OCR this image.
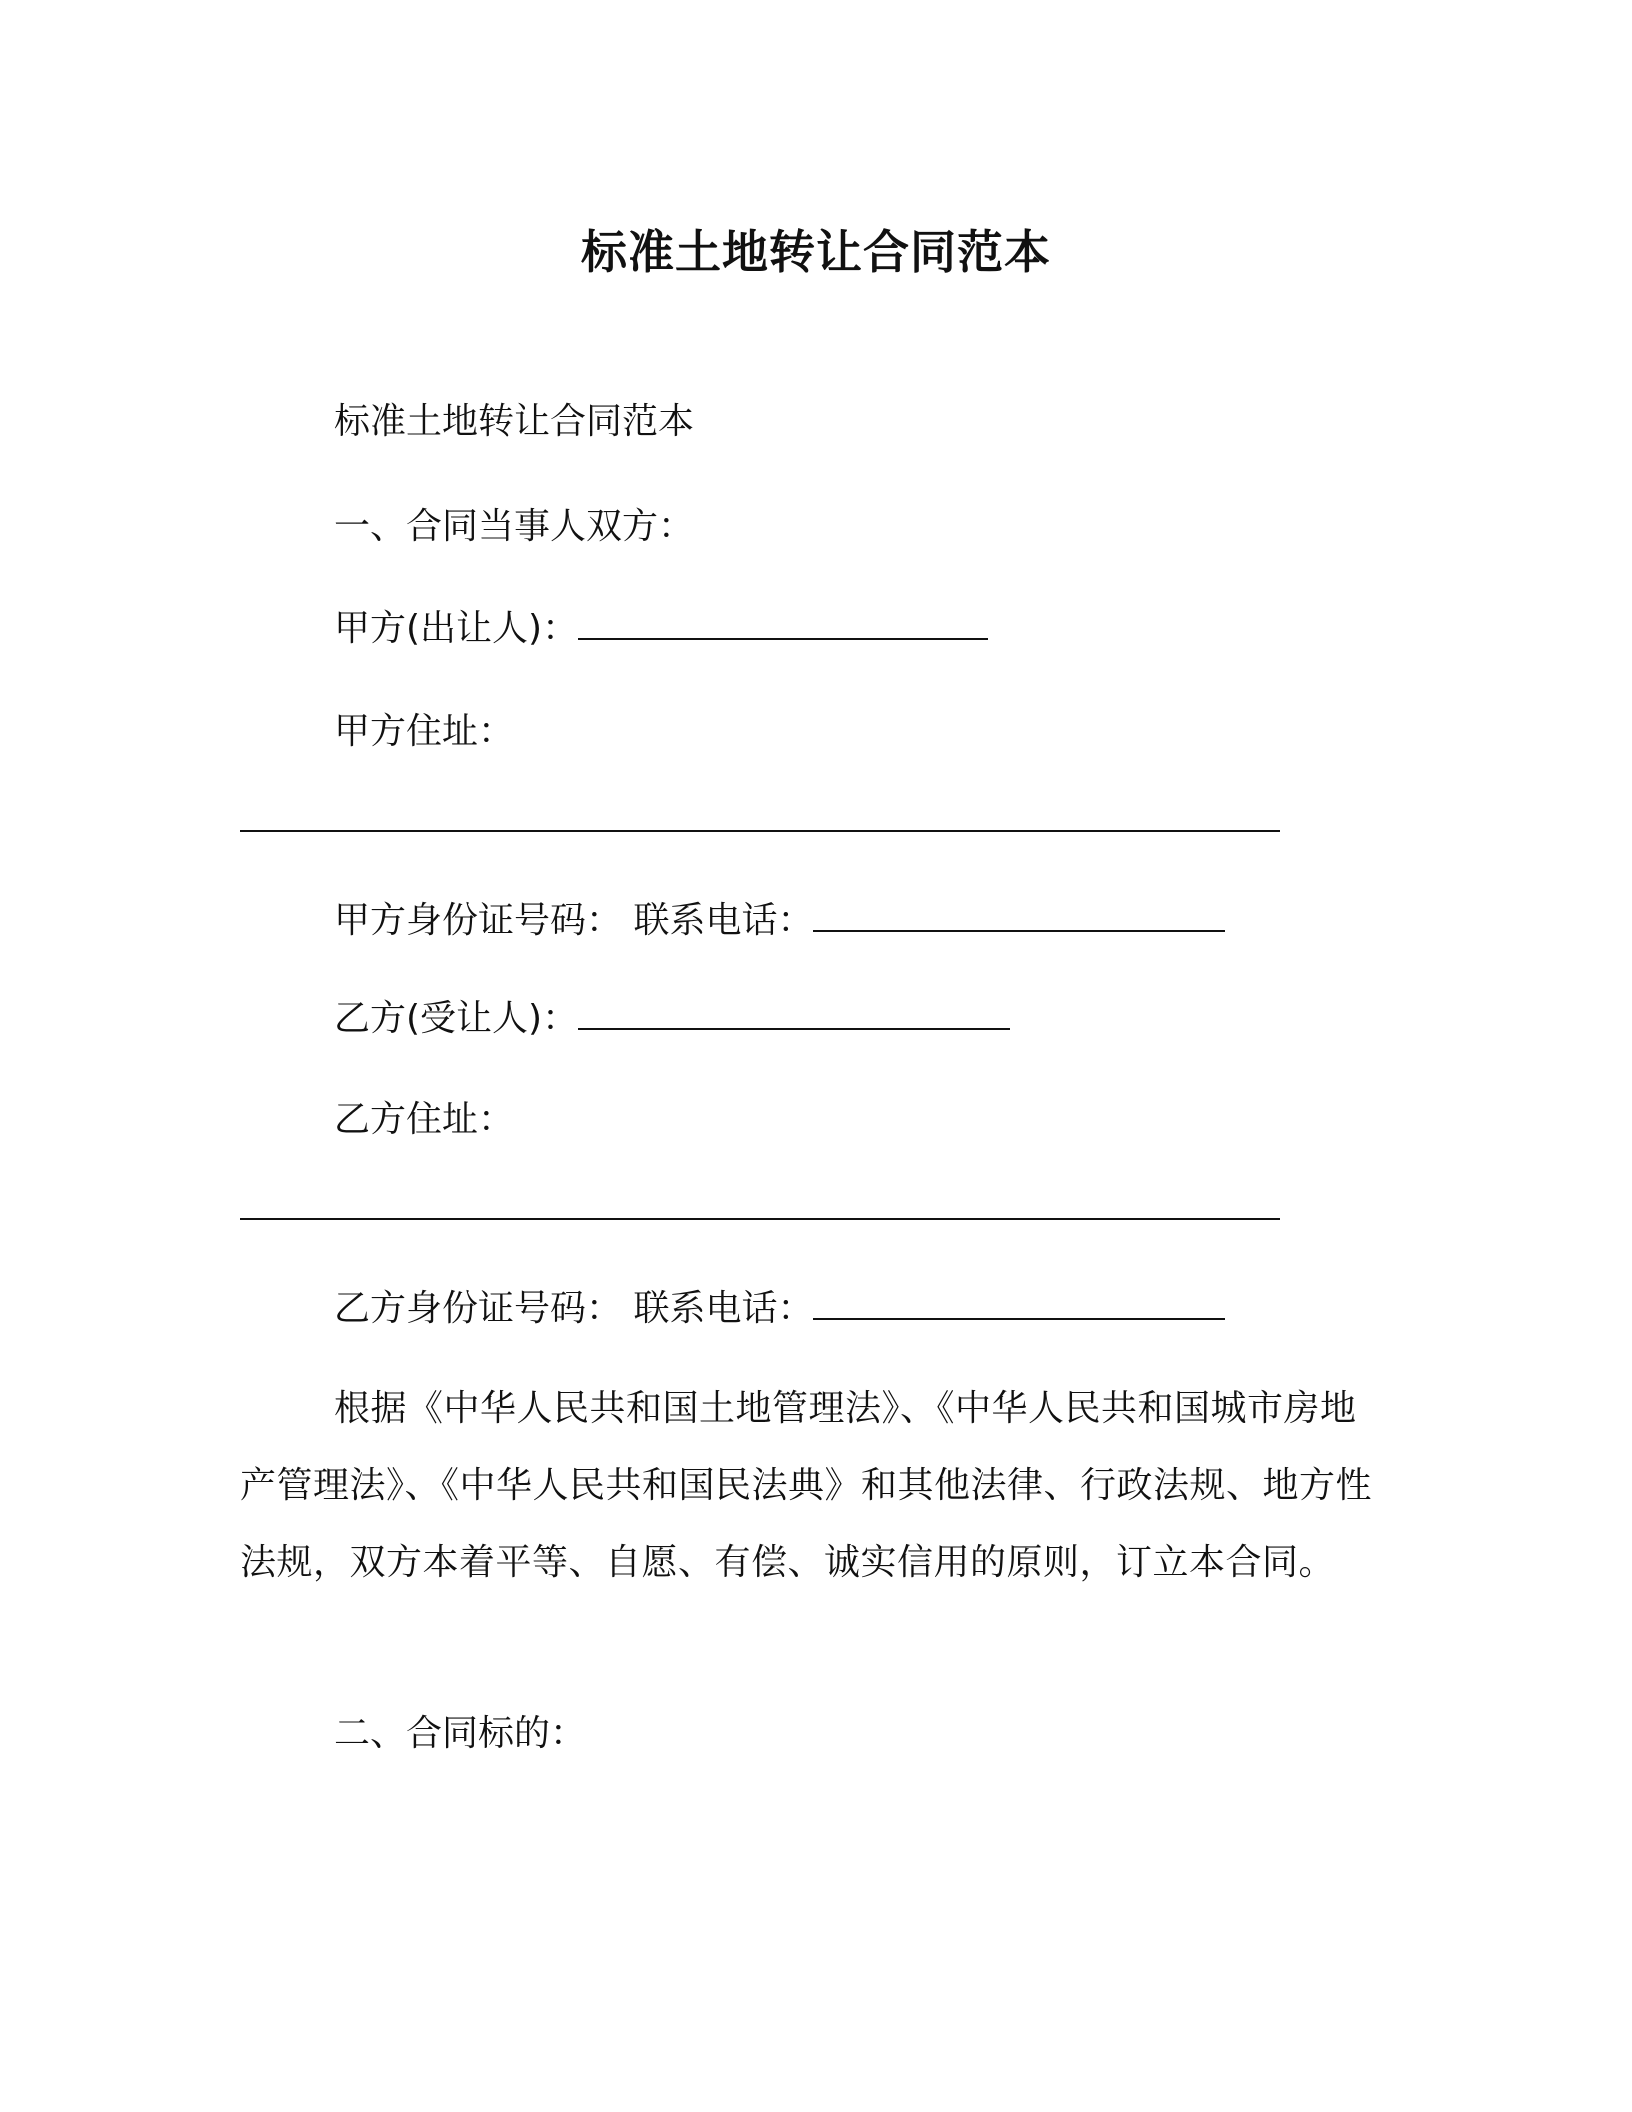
标准土地转让合同范本
标准土地转让合同范本
一、合同当事人双方：
甲方(出让人)：
甲方住址：
甲方身份证号码： 联系电话：
乙方(受让人)：
乙方住址：
乙方身份证号码： 联系电话：
根据《中华人民共和国土地管理法》、《中华人民共和国城市房地产管理法》、《中华人民共和国民法典》和其他法律、行政法规、地方性法规，双方本着平等、自愿、有偿、诚实信用的原则，订立本合同。
二、合同标的：
